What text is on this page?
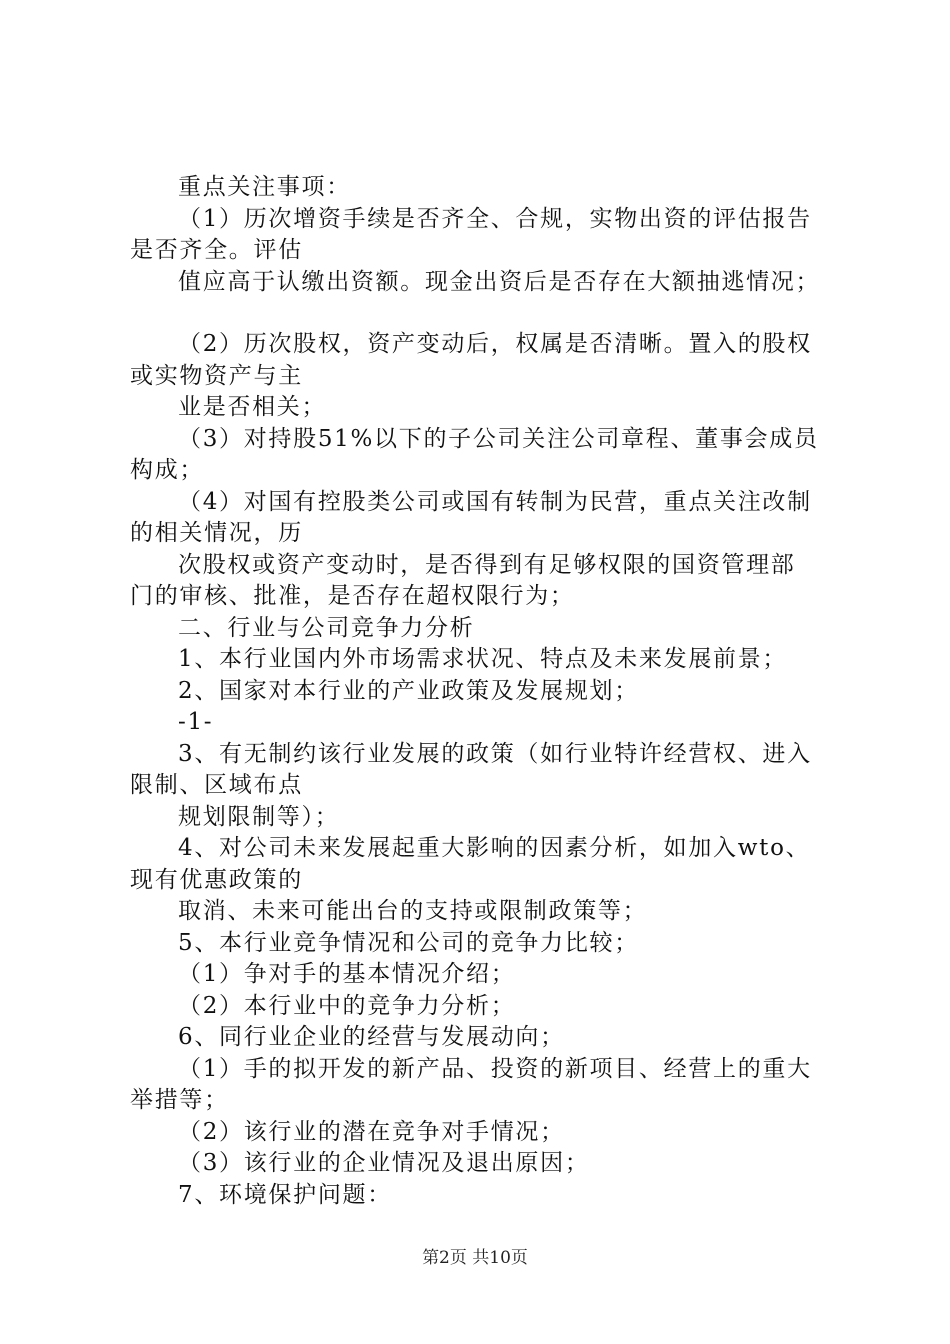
重点关注事项：

（1）历次增资手续是否齐全、合规，实物出资的评估报告

是否齐全。评估

值应高于认缴出资额。现金出资后是否存在大额抽逃情况；

（2）历次股权，资产变动后，权属是否清晰。置入的股权

或实物资产与主

业是否相关；

（3）对持股51%以下的子公司关注公司章程、董事会成员

构成；

（4）对国有控股类公司或国有转制为民营，重点关注改制

的相关情况，历

次股权或资产变动时，是否得到有足够权限的国资管理部

门的审核、批准，是否存在超权限行为；

二、行业与公司竞争力分析

1、本行业国内外市场需求状况、特点及未来发展前景；

2、国家对本行业的产业政策及发展规划；

-1-

3、有无制约该行业发展的政策（如行业特许经营权、进入

限制、区域布点

规划限制等）；

4、对公司未来发展起重大影响的因素分析，如加入wto、

现有优惠政策的

取消、未来可能出台的支持或限制政策等；

5、本行业竞争情况和公司的竞争力比较；

（1）争对手的基本情况介绍；

（2）本行业中的竞争力分析；

6、同行业企业的经营与发展动向；

（1）手的拟开发的新产品、投资的新项目、经营上的重大

举措等；

（2）该行业的潜在竞争对手情况；

（3）该行业的企业情况及退出原因；

7、环境保护问题：

第2页 共10页
